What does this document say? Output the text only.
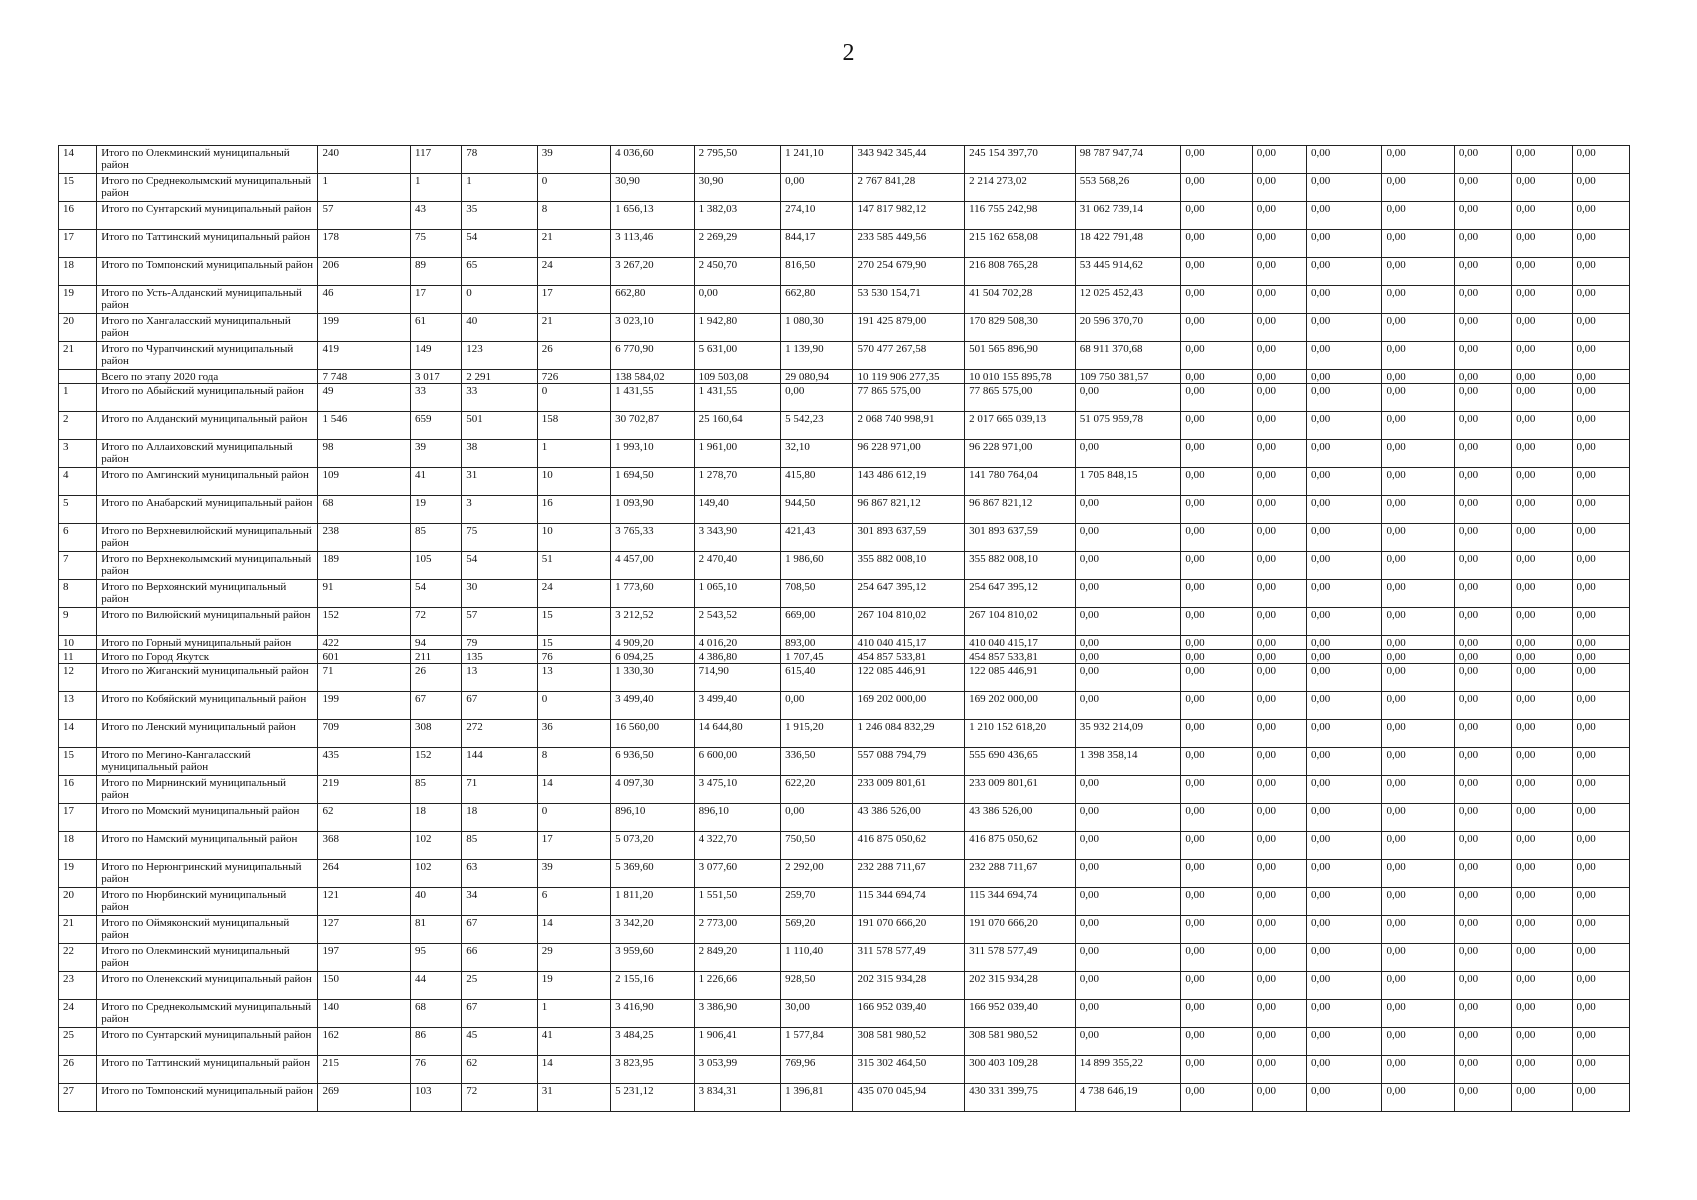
2
14	Итого по Олекминский муниципальный район	240	117	78	39	4 036,60	2 795,50	1 241,10	343 942 345,44	245 154 397,70	98 787 947,74	0,00	0,00	0,00	0,00	0,00	0,00	0,00
15	Итого по Среднеколымский муниципальный район	1	1	1	0	30,90	30,90	0,00	2 767 841,28	2 214 273,02	553 568,26	0,00	0,00	0,00	0,00	0,00	0,00	0,00
16	Итого по Сунтарский муниципальный район	57	43	35	8	1 656,13	1 382,03	274,10	147 817 982,12	116 755 242,98	31 062 739,14	0,00	0,00	0,00	0,00	0,00	0,00	0,00
17	Итого по Таттинский муниципальный район	178	75	54	21	3 113,46	2 269,29	844,17	233 585 449,56	215 162 658,08	18 422 791,48	0,00	0,00	0,00	0,00	0,00	0,00	0,00
18	Итого по Томпонский муниципальный район	206	89	65	24	3 267,20	2 450,70	816,50	270 254 679,90	216 808 765,28	53 445 914,62	0,00	0,00	0,00	0,00	0,00	0,00	0,00
19	Итого по Усть-Алданский муниципальный район	46	17	0	17	662,80	0,00	662,80	53 530 154,71	41 504 702,28	12 025 452,43	0,00	0,00	0,00	0,00	0,00	0,00	0,00
20	Итого по Хангаласский муниципальный район	199	61	40	21	3 023,10	1 942,80	1 080,30	191 425 879,00	170 829 508,30	20 596 370,70	0,00	0,00	0,00	0,00	0,00	0,00	0,00
21	Итого по Чурапчинский муниципальный район	419	149	123	26	6 770,90	5 631,00	1 139,90	570 477 267,58	501 565 896,90	68 911 370,68	0,00	0,00	0,00	0,00	0,00	0,00	0,00
	Всего по этапу 2020 года	7 748	3 017	2 291	726	138 584,02	109 503,08	29 080,94	10 119 906 277,35	10 010 155 895,78	109 750 381,57	0,00	0,00	0,00	0,00	0,00	0,00	0,00
1	Итого по Абыйский муниципальный район	49	33	33	0	1 431,55	1 431,55	0,00	77 865 575,00	77 865 575,00	0,00	0,00	0,00	0,00	0,00	0,00	0,00	0,00
2	Итого по Алданский муниципальный район	1 546	659	501	158	30 702,87	25 160,64	5 542,23	2 068 740 998,91	2 017 665 039,13	51 075 959,78	0,00	0,00	0,00	0,00	0,00	0,00	0,00
3	Итого по Аллаиховский муниципальный район	98	39	38	1	1 993,10	1 961,00	32,10	96 228 971,00	96 228 971,00	0,00	0,00	0,00	0,00	0,00	0,00	0,00	0,00
4	Итого по Амгинский муниципальный район	109	41	31	10	1 694,50	1 278,70	415,80	143 486 612,19	141 780 764,04	1 705 848,15	0,00	0,00	0,00	0,00	0,00	0,00	0,00
5	Итого по Анабарский муниципальный район	68	19	3	16	1 093,90	149,40	944,50	96 867 821,12	96 867 821,12	0,00	0,00	0,00	0,00	0,00	0,00	0,00	0,00
6	Итого по Верхневилюйский муниципальный район	238	85	75	10	3 765,33	3 343,90	421,43	301 893 637,59	301 893 637,59	0,00	0,00	0,00	0,00	0,00	0,00	0,00	0,00
7	Итого по Верхнеколымский муниципальный район	189	105	54	51	4 457,00	2 470,40	1 986,60	355 882 008,10	355 882 008,10	0,00	0,00	0,00	0,00	0,00	0,00	0,00	0,00
8	Итого по Верхоянский муниципальный район	91	54	30	24	1 773,60	1 065,10	708,50	254 647 395,12	254 647 395,12	0,00	0,00	0,00	0,00	0,00	0,00	0,00	0,00
9	Итого по Вилюйский муниципальный район	152	72	57	15	3 212,52	2 543,52	669,00	267 104 810,02	267 104 810,02	0,00	0,00	0,00	0,00	0,00	0,00	0,00	0,00
10	Итого по Горный муниципальный район	422	94	79	15	4 909,20	4 016,20	893,00	410 040 415,17	410 040 415,17	0,00	0,00	0,00	0,00	0,00	0,00	0,00	0,00
11	Итого по Город Якутск	601	211	135	76	6 094,25	4 386,80	1 707,45	454 857 533,81	454 857 533,81	0,00	0,00	0,00	0,00	0,00	0,00	0,00	0,00
12	Итого по Жиганский муниципальный район	71	26	13	13	1 330,30	714,90	615,40	122 085 446,91	122 085 446,91	0,00	0,00	0,00	0,00	0,00	0,00	0,00	0,00
13	Итого по Кобяйский муниципальный район	199	67	67	0	3 499,40	3 499,40	0,00	169 202 000,00	169 202 000,00	0,00	0,00	0,00	0,00	0,00	0,00	0,00	0,00
14	Итого по Ленский муниципальный район	709	308	272	36	16 560,00	14 644,80	1 915,20	1 246 084 832,29	1 210 152 618,20	35 932 214,09	0,00	0,00	0,00	0,00	0,00	0,00	0,00
15	Итого по Мегино-Кангаласский муниципальный район	435	152	144	8	6 936,50	6 600,00	336,50	557 088 794,79	555 690 436,65	1 398 358,14	0,00	0,00	0,00	0,00	0,00	0,00	0,00
16	Итого по Мирнинский муниципальный район	219	85	71	14	4 097,30	3 475,10	622,20	233 009 801,61	233 009 801,61	0,00	0,00	0,00	0,00	0,00	0,00	0,00	0,00
17	Итого по Момский муниципальный район	62	18	18	0	896,10	896,10	0,00	43 386 526,00	43 386 526,00	0,00	0,00	0,00	0,00	0,00	0,00	0,00	0,00
18	Итого по Намский муниципальный район	368	102	85	17	5 073,20	4 322,70	750,50	416 875 050,62	416 875 050,62	0,00	0,00	0,00	0,00	0,00	0,00	0,00	0,00
19	Итого по Нерюнгринский муниципальный район	264	102	63	39	5 369,60	3 077,60	2 292,00	232 288 711,67	232 288 711,67	0,00	0,00	0,00	0,00	0,00	0,00	0,00	0,00
20	Итого по Нюрбинский муниципальный район	121	40	34	6	1 811,20	1 551,50	259,70	115 344 694,74	115 344 694,74	0,00	0,00	0,00	0,00	0,00	0,00	0,00	0,00
21	Итого по Оймяконский муниципальный район	127	81	67	14	3 342,20	2 773,00	569,20	191 070 666,20	191 070 666,20	0,00	0,00	0,00	0,00	0,00	0,00	0,00	0,00
22	Итого по Олекминский муниципальный район	197	95	66	29	3 959,60	2 849,20	1 110,40	311 578 577,49	311 578 577,49	0,00	0,00	0,00	0,00	0,00	0,00	0,00	0,00
23	Итого по Оленекский муниципальный район	150	44	25	19	2 155,16	1 226,66	928,50	202 315 934,28	202 315 934,28	0,00	0,00	0,00	0,00	0,00	0,00	0,00	0,00
24	Итого по Среднеколымский муниципальный район	140	68	67	1	3 416,90	3 386,90	30,00	166 952 039,40	166 952 039,40	0,00	0,00	0,00	0,00	0,00	0,00	0,00	0,00
25	Итого по Сунтарский муниципальный район	162	86	45	41	3 484,25	1 906,41	1 577,84	308 581 980,52	308 581 980,52	0,00	0,00	0,00	0,00	0,00	0,00	0,00	0,00
26	Итого по Таттинский муниципальный район	215	76	62	14	3 823,95	3 053,99	769,96	315 302 464,50	300 403 109,28	14 899 355,22	0,00	0,00	0,00	0,00	0,00	0,00	0,00
27	Итого по Томпонский муниципальный район	269	103	72	31	5 231,12	3 834,31	1 396,81	435 070 045,94	430 331 399,75	4 738 646,19	0,00	0,00	0,00	0,00	0,00	0,00	0,00
